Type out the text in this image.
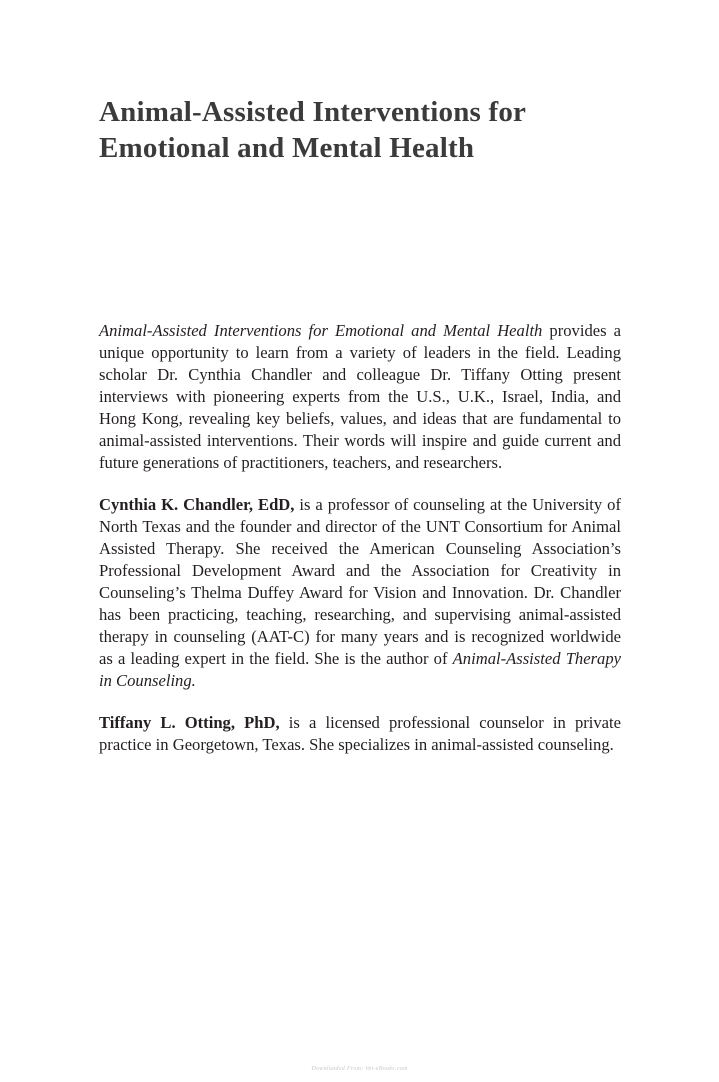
Animal-Assisted Interventions for
Emotional and Mental Health

Animal-Assisted Interventions for Emotional and Mental Health provides a unique opportunity to learn from a variety of leaders in the field. Leading scholar Dr. Cynthia Chandler and colleague Dr. Tiffany Otting present interviews with pioneering experts from the U.S., U.K., Israel, India, and Hong Kong, revealing key beliefs, values, and ideas that are fundamental to animal-assisted interventions. Their words will inspire and guide current and future generations of practitioners, teachers, and researchers.

Cynthia K. Chandler, EdD, is a professor of counseling at the University of North Texas and the founder and director of the UNT Consortium for Animal Assisted Therapy. She received the American Counseling Association’s Professional Development Award and the Association for Creativity in Counseling’s Thelma Duffey Award for Vision and Innovation. Dr. Chandler has been practicing, teaching, researching, and supervising animal-assisted therapy in counseling (AAT-C) for many years and is recognized worldwide as a leading expert in the field. She is the author of Animal-Assisted Therapy in Counseling.

Tiffany L. Otting, PhD, is a licensed professional counselor in private practice in Georgetown, Texas. She specializes in animal-assisted counseling.

Downloaded From: Vet-eBooks.com
